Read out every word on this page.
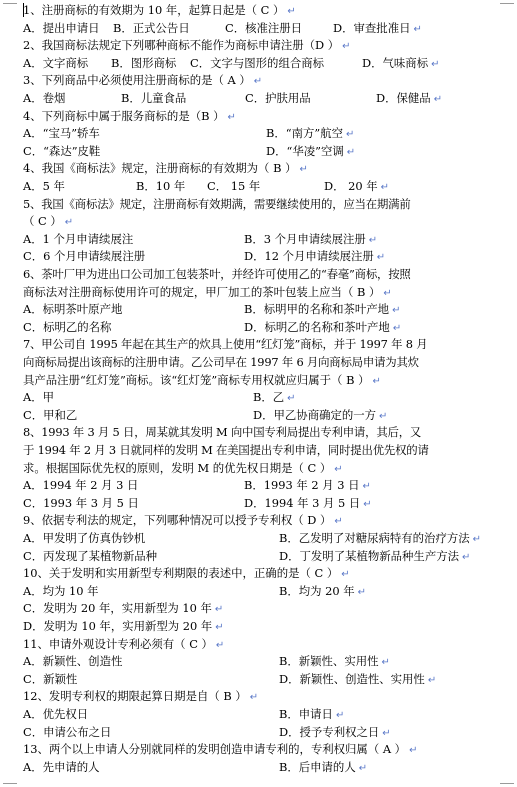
1、注册商标的有效期为 10 年，起算日起是（ C ） ↵
A．提出申请日 B．正式公告日	C．核准注册日	D．审查批准日 ↵
2、我国商标法规定下列哪种商标不能作为商标申请注册（D ） ↵
A．文字商标 B．图形商标 C．文字与图形的组合商标	D．气味商标 ↵
3、下列商品中必须使用注册商标的是（ A ） ↵
A．卷烟	B．儿童食品	C．护肤用品	D．保健品 ↵
4、下列商标中属于服务商标的是（B ） ↵
A．“宝马”轿车	B．“南方”航空 ↵
C．“森达”皮鞋	D．“华凌”空调 ↵
4、我国《商标法》规定，注册商标的有效期为（ B ） ↵
A．5 年	B．10 年 C． 15 年	D． 20 年 ↵
5、我国《商标法》规定，注册商标有效期满，需要继续使用的，应当在期满前
（ C ） ↵
A．1 个月申请续展注	B．3 个月申请续展注册 ↵
C．6 个月申请续展注册	D．12 个月申请续展注册 ↵
6、茶叶厂甲为进出口公司加工包装茶叶，并经许可使用乙的“春毫”商标，按照
商标法对注册商标使用许可的规定，甲厂加工的茶叶包装上应当（ B ） ↵
A．标明茶叶原产地	B．标明甲的名称和茶叶产地 ↵
C．标明乙的名称	D．标明乙的名称和茶叶产地 ↵
7、甲公司自 1995 年起在其生产的炊具上使用“红灯笼”商标，并于 1997 年 8 月
向商标局提出该商标的注册申请。乙公司早在 1997 年 6 月向商标局申请为其炊
具产品注册“红灯笼”商标。该“红灯笼”商标专用权就应归属于（ B ） ↵
A．甲	B．乙 ↵
C．甲和乙	D．甲乙协商确定的一方 ↵
8、1993 年 3 月 5 日，周某就其发明 M 向中国专利局提出专利申请，其后，又
于 1994 年 2 月 3 日就同样的发明 M 在美国提出专利申请，同时提出优先权的请
求。根据国际优先权的原则，发明 M 的优先权日期是（ C ） ↵
A．1994 年 2 月 3 日	B．1993 年 2 月 3 日 ↵
C．1993 年 3 月 5 日	D．1994 年 3 月 5 日 ↵
9、依据专利法的规定，下列哪种情况可以授予专利权（ D ） ↵
A．甲发明了仿真伪钞机	B．乙发明了对糖尿病特有的治疗方法 ↵
C．丙发现了某植物新品种	D．丁发明了某植物新品种生产方法 ↵
10、关于发明和实用新型专利期限的表述中，正确的是（ C ） ↵
A．均为 10 年	B．均为 20 年 ↵
C．发明为 20 年，实用新型为 10 年 ↵
D．发明为 10 年，实用新型为 20 年 ↵
11、申请外观设计专利必须有（ C ） ↵
A．新颖性、创造性	B．新颖性、实用性 ↵
C．新颖性	D．新颖性、创造性、实用性 ↵
12、发明专利权的期限起算日期是自（ B ） ↵
A．优先权日	B．申请日 ↵
C．申请公布之日	D．授予专利权之日 ↵
13、两个以上申请人分别就同样的发明创造申请专利的，专利权归属（ A ） ↵
A．先申请的人	B．后申请的人 ↵
